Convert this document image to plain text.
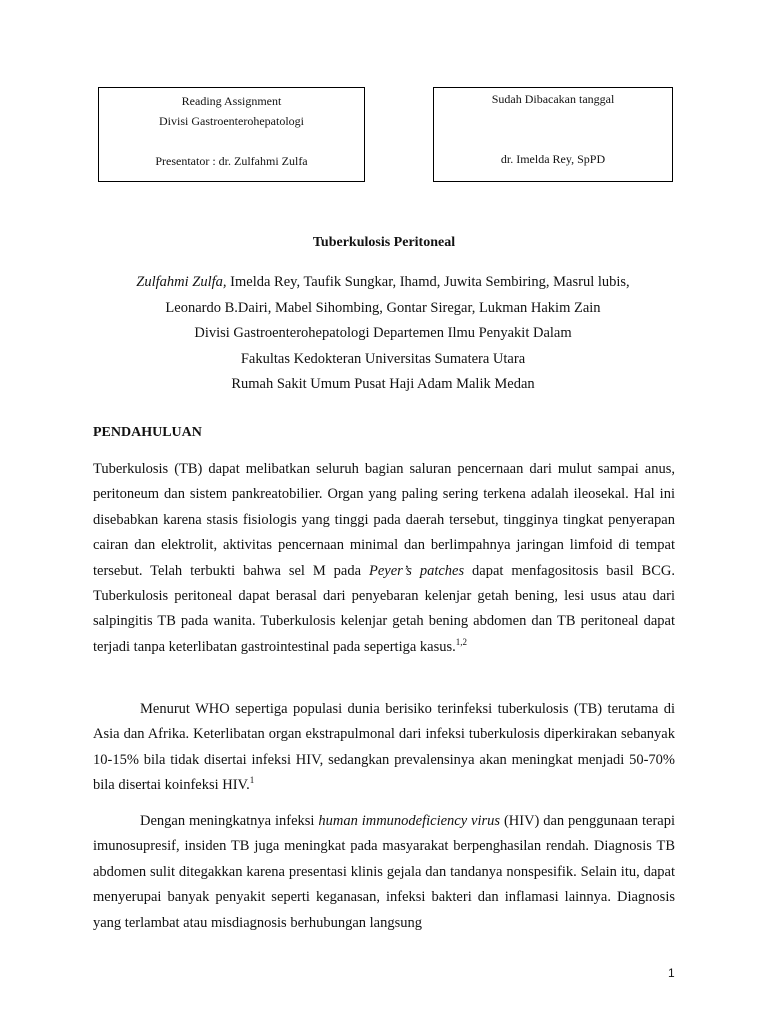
Reading Assignment
Divisi Gastroenterohepatologi
Presentator : dr. Zulfahmi Zulfa
Sudah Dibacakan tanggal
dr. Imelda Rey, SpPD
Tuberkulosis Peritoneal
Zulfahmi Zulfa, Imelda Rey, Taufik Sungkar, Ihamd, Juwita Sembiring, Masrul lubis,
Leonardo B.Dairi, Mabel Sihombing, Gontar Siregar, Lukman Hakim Zain
Divisi Gastroenterohepatologi Departemen Ilmu Penyakit Dalam
Fakultas Kedokteran Universitas Sumatera Utara
Rumah Sakit Umum Pusat Haji Adam Malik Medan
PENDAHULUAN

Tuberkulosis (TB) dapat melibatkan seluruh bagian saluran pencernaan dari mulut sampai anus, peritoneum dan sistem pankreatobilier. Organ yang paling sering terkena adalah ileosekal. Hal ini disebabkan karena stasis fisiologis yang tinggi pada daerah tersebut, tingginya tingkat penyerapan cairan dan elektrolit, aktivitas pencernaan minimal dan berlimpahnya jaringan limfoid di tempat tersebut. Telah terbukti bahwa sel M pada Peyer’s patches dapat menfagositosis basil BCG. Tuberkulosis peritoneal dapat berasal dari penyebaran kelenjar getah bening, lesi usus atau dari salpingitis TB pada wanita. Tuberkulosis kelenjar getah bening abdomen dan TB peritoneal dapat terjadi tanpa keterlibatan gastrointestinal pada sepertiga kasus.$^{1,2}$

Menurut WHO sepertiga populasi dunia berisiko terinfeksi tuberkulosis (TB) terutama di Asia dan Afrika. Keterlibatan organ ekstrapulmonal dari infeksi tuberkulosis diperkirakan sebanyak 10-15% bila tidak disertai infeksi HIV, sedangkan prevalensinya akan meningkat menjadi 50-70% bila disertai koinfeksi HIV.$^1$

Dengan meningkatnya infeksi human immunodeficiency virus (HIV) dan penggunaan terapi imunosupresif, insiden TB juga meningkat pada masyarakat berpenghasilan rendah. Diagnosis TB abdomen sulit ditegakkan karena presentasi klinis gejala dan tandanya nonspesifik. Selain itu, dapat menyerupai banyak penyakit seperti keganasan, infeksi bakteri dan inflamasi lainnya. Diagnosis yang terlambat atau misdiagnosis berhubungan langsung

1
